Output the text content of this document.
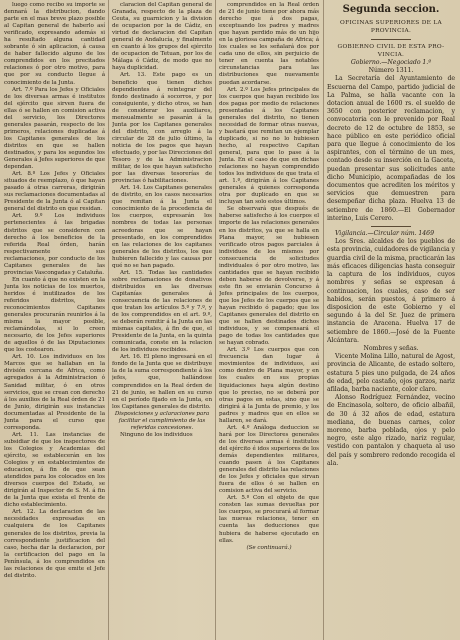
luego como recibo su importe se dennará la distribucion, dando parte en el mas breve plazo posible al Capitan general de haberlo así verificado, expresando además si ha resultado alguna cantidad sobrante ó sin aplicacion, á causa de haber fallecido alguno de los comprendidos en los precitados relaciones ó por otro motivo, para que por su conducto llegue á conocimiento de la Junta.

Art. 7.º Para los Jefes y Oficiales de los diversas armas é institutos del ejército que sirven fuera de ellas ó se hallen en comision activa del servicio, los Directores generales pasarán, respecto de los primeros, relaciones duplicadas á los Capitanes generales de los distritos en que se hallen destinados, y para los segundos los Generales á Jefes superiores de que dependan.

Art. 8.º Los Jefes y Oficiales situados de reemplazo, ó que hayan pasado á otras carreras, dirigirán sus reclamaciones documentadas al Presidente de la Junta ó al Capitan general del distrito en que residan.

Art. 9.º Los individuos pertenecientes á las brigadas distritos que se consideren con derecho á los beneficios de la referida Real órden, harán respectivamente sus reclamaciones, por conducto de los Capitanes generales de las provincias Vascongadas y Cataluña.

En cuanto á que no existen en la Junta los noticias de los muertos, heridos é inutilizados de los referidos distritos, los reconocimientos Capitanes generales procurarán reunirlos á la misma la mayor posible, reclamándolas, si lo creen necesario, de los Jefes superiores de aquellos ó de las Diputaciones que los costearon.

Art. 10. Los individuos en los Marcos que se hallaban en la división cercana de Africa, como agregados á la Administracion ó Sanidad militar, ó en otros servicios, que se crean con derecho á los auxilios de la Real órden de 21 de Junio, dirigirán sus instancias documentadas al Presidente de la Junta para el curso que corresponda.

Art. 11. Las instancias de subsidiar de que los inspectores de los Colegios y Academias del ejército, se establecerán en los Colegios y en establecimientos de educacion, á fin de que sean atendidos para los colocados en los diversos cuerpos del Estado, se dirigirán al Inspector de S. M. á fin de la Junta que exista el frente de dicho establecimiento.

Art. 12. La declaracion de las necesidades expresadas en cualquiera de los Capitanes generales de los distritos, previa la correspondiente justificacion del caso, hecha dar la declaracion, por la certificacion del pago en la Península, á los comprendidos en las relaciones de que emite el Jefe del distrito.

claracion del Capitan general de Granada, respecto de la plaza de Ceuta, su guarnicion y la division de ocupacion por la de Cádiz, en virtud de declaracion del Capitan general de Andalucía, y finalmente en cuanto á los grupos del ejército de ocupacion de Tetuan, por los de Málaga ó Cádiz, de modo que no haya duplicidad.

Art. 13. Este pago es un beneficio que tienen dichos dependientes á reintegrar del fondo destinado á socorros, y por consiguiente, y dicho otros, se han de considerar los auxiliares, mensualmente se pasarán á la Junta por los Capitanes generales del distrito, con arreglo á la circular de 28 de julio último, la noticia de los pagos que hayan efectuado, y por las Direcciones del Tesoro y de la Administracion militar, de los que hayan satisfecho por las diversas tesorerías de provincias ó habilitaciones.

Art. 14. Los Capitanes generales de distrito, en los casos necesarios que remitan á la Junta el conocimiento de la procedencia de los cuerpos, expresarán los nombres de todas las personas acreedoras que se hayan presentado, en los comprendidos en las relaciones de los capitanes generales de los distritos, los que hubieren fallecido y las causas por qué no se han pagado.

Art. 15. Todas las cantidades sobre reclamaciones de donativos distribuidos en las diversas Capitanías generales á consecuencia de las relaciones de que tratan los artículos 5.º y 7.º, y de los comprendidos en el art. 9.º, se deberán remitir á la Junta en las mismas capitales, á fin de que, el Presidente de la Junta, en la quinta comunicada, conste en la relacion de los individuos recibidos.

Art. 16. El pleno ingresará en el fondo de la Junta que se distribuye la de la suma correspondiente á los jefes, que, hallándose comprendidos en la Real órden de 21 de junio, se hallen en su curso en el período fijado en la Junta, en los Capitanes generales de distrito.

Disposiciones y aclaraciones para facilitar el cumplimiento de las referidas concesiones.

Ninguno de los individuos

comprendidos en la Real órden de 21 de junio tiene por ahora más derecho que á dos pagas, exceptuando los padres y madres que hayan perdido más de un hijo en la gloriosa campaña de Africa; á los cuales se les señalará dos por cada uno de ellos, sin perjuicio de tener en cuenta las notables circunstancias para las distribuciones que nuevamente puedan acordarse.

Art. 2.º Los Jefes principales de los cuerpos que hayan recibido los dos pagas por medio de relaciones presentadas á los Capitanes generales del distrito, no tienen necesidad de formar otras nuevas, y bastará que remitan un ejemplar duplicado, si no no lo hubiesen hecho, al respectivo Capitan general, para que lo pase á la Junta. En el caso de que en dichas relaciones no hayan comprendido todos los individuos de que trata el art. 1.º, dirigirán á los Capitanes generales á quienes corresponda otra por duplicado en que se incluyan tan solo estos últimos.

Se observará que después de haberse satisfecho á los cuerpos el importe de las relaciones generales en los distritos, ya que se halla en Plana mayor, se hubiesen verificado otros pagos parciales á individuos de los mismos por consecuencia de solicitudes individuales ó por otro motivo, las cantidades que se hayan recibido deben haberse de devolverse, y á este fin se enviarán Concurso á Jefes principales de los cuerpos, que los Jefes de los cuerpos que se hayan recibido ó pagado; que los Capitanes generales del distrito en que se hallen destinados dichos individuos, y se compensará el pago de todas los cantidades que se hayan cobrado.

Art. 3.º Los cuerpos que con frecuencia dan lugar á movimientos de individuos, así como dentro de Plana mayor, y en los cuales en sus propias liquidaciones haya algún destino que lo preciso, no se deberá por otras pagos en estas, sino que se dirigirá á la Junta de premio, y los padres y madres que en ellos se hallaren, se dará.

Art. 4.º Análoga deduccion se hará por los Directores generales de los diversas armas é institutos del ejército é idos superiores de los demás dependientes militares, cuando pasen á los Capitanes generales del distrito las relaciones de los Jefes y oficiales que sirvan fuera de ellos ó se hallen en comision activa del servicio.

Art. 5.º Con el objeto de que consten las sumas devueltas por los cuerpos, se procurará al formar las nuevas relaciones, tener en cuenta las deducciones que hubiera de haberse ejecutado en ellas.

(Se continuará.)

Segunda seccion.

OFICINAS SUPERIORES DE LA

PROVINCIA.

GOBIERNO CIVIL DE ESTA PRO-

VINCIA.

Gobierno.—Negociado 1.º

Número 1311.

La Secretaría del Ayuntamiento de Escuerna del Campo, partido judicial de La Palma, se halla vacante con la dotacion anual de 1600 rs. el sueldo de 3650 con posterior reclamacion, y convocatoria con le prevenido por Real decreto de 12 de octubre de 1853, se hace público en este periódico oficial para que llegue á conocimiento de los aspirantes, con el término de un mes, contado desde su inserción en la Gaceta, puedan presentar sus solicitudes ante dicho Municipio, acompañadas de los documentos que acrediten los méritos y servicios que demuestren para desempeñar dicha plaza. Huelva 13 de setiembre de 1860.—El Gobernador interino, Luis Cerero.

Vigilancia.—Circular núm. 1469

Los Sres. alcaldes de los pueblos de esta provincia, cuidadores de vigilancia y guardia civil de la misma, practicarán las más eficaces diligencias hasta conseguir la captura de los individuos, cuyos nombres y señas se expresan á continuacion, los cuales, caso de ser habidos, serán puestos, á primero á disposicion de este Gobierno y el segundo á la del Sr. Juez de primera instancia de Aracena. Huelva 17 de setiembre de 1860.—José de la Fuente Alcántara.

Nombres y señas.

Vicente Molina Lillo, natural de Agost, provincia de Alicante, de estado soltero, estatura 5 pies uno pulgada, de 24 años de edad, pelo castaño, ojos garzos, nariz afilada, barba naciente, color claro.

Alonso Rodríguez Fernández, vecino de Encinasola, soltero, de oficio albañil, de 30 á 32 años de edad, estatura mediana, de buenas carnes, color moreno, barba poblada, ojos y pelo negro, este algo rizado, nariz regular, vestido con pantalon y chaqueta al uso del país y sombrero redondo recogida el ala.
